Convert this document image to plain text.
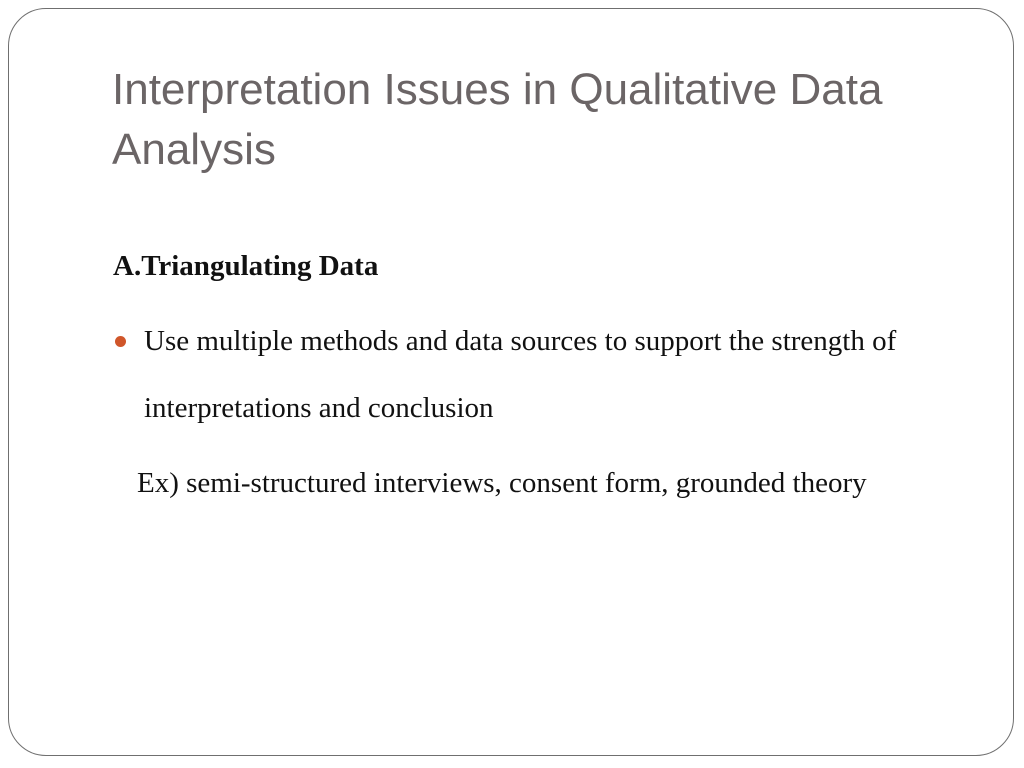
Interpretation Issues in Qualitative Data Analysis
A.Triangulating Data
Use multiple methods and data sources to support the strength of interpretations and conclusion

Ex) semi-structured interviews, consent form, grounded theory
